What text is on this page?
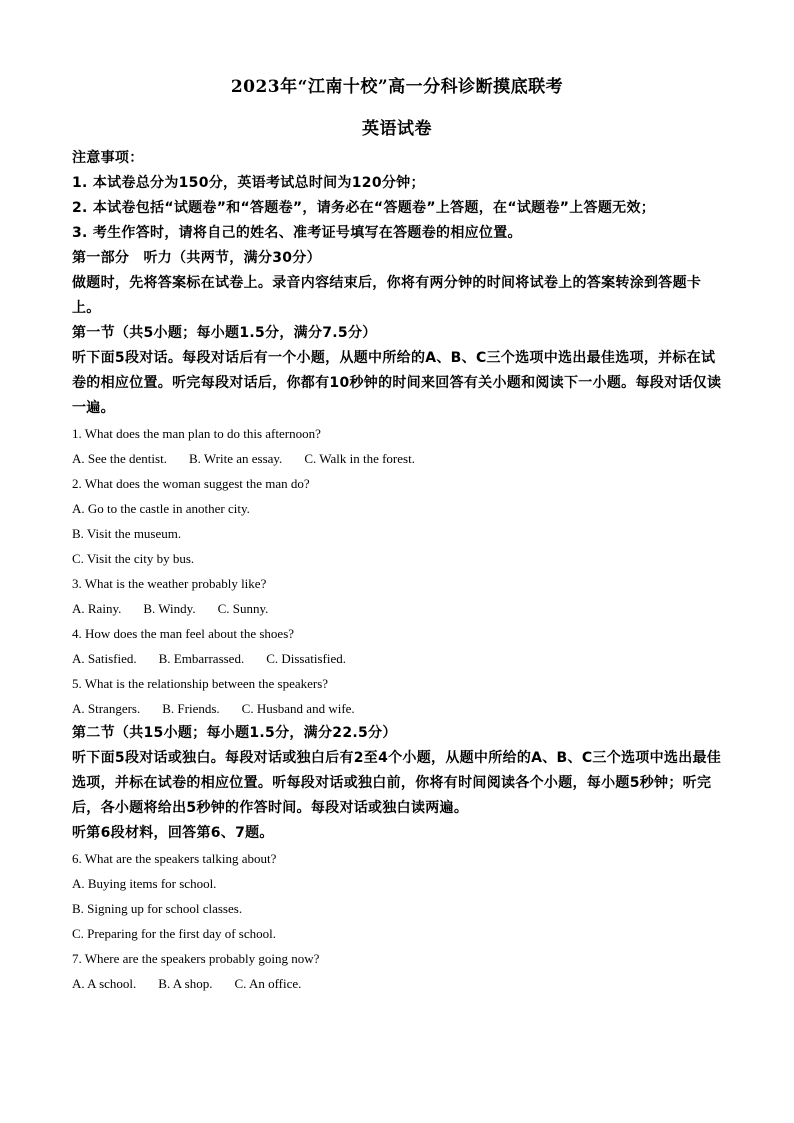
2023年“江南十校”高一分科诊断摸底联考
英语试卷

注意事项：

1. 本试卷总分为150分，英语考试总时间为120分钟；

2. 本试卷包括“试题卷”和“答题卷”，请务必在“答题卷”上答题，在“试题卷”上答题无效；

3. 考生作答时，请将自己的姓名、准考证号填写在答题卷的相应位置。

第一部分　听力（共两节，满分30分）

做题时，先将答案标在试卷上。录音内容结束后，你将有两分钟的时间将试卷上的答案转涂到答题卡上。

第一节（共5小题；每小题1.5分，满分7.5分）

听下面5段对话。每段对话后有一个小题，从题中所给的A、B、C三个选项中选出最佳选项，并标在试卷的相应位置。听完每段对话后，你都有10秒钟的时间来回答有关小题和阅读下一小题。每段对话仅读一遍。

1. What does the man plan to do this afternoon?

A. See the dentist. B. Write an essay. C. Walk in the forest.

2. What does the woman suggest the man do?

A. Go to the castle in another city.

B. Visit the museum.

C. Visit the city by bus.

3. What is the weather probably like?

A. Rainy. B. Windy. C. Sunny.

4. How does the man feel about the shoes?

A. Satisfied. B. Embarrassed. C. Dissatisfied.

5. What is the relationship between the speakers?

A. Strangers. B. Friends. C. Husband and wife.

第二节（共15小题；每小题1.5分，满分22.5分）

听下面5段对话或独白。每段对话或独白后有2至4个小题，从题中所给的A、B、C三个选项中选出最佳选项，并标在试卷的相应位置。听每段对话或独白前，你将有时间阅读各个小题，每小题5秒钟；听完后，各小题将给出5秒钟的作答时间。每段对话或独白读两遍。

听第6段材料，回答第6、7题。

6. What are the speakers talking about?

A. Buying items for school.

B. Signing up for school classes.

C. Preparing for the first day of school.

7. Where are the speakers probably going now?

A. A school. B. A shop. C. An office.
